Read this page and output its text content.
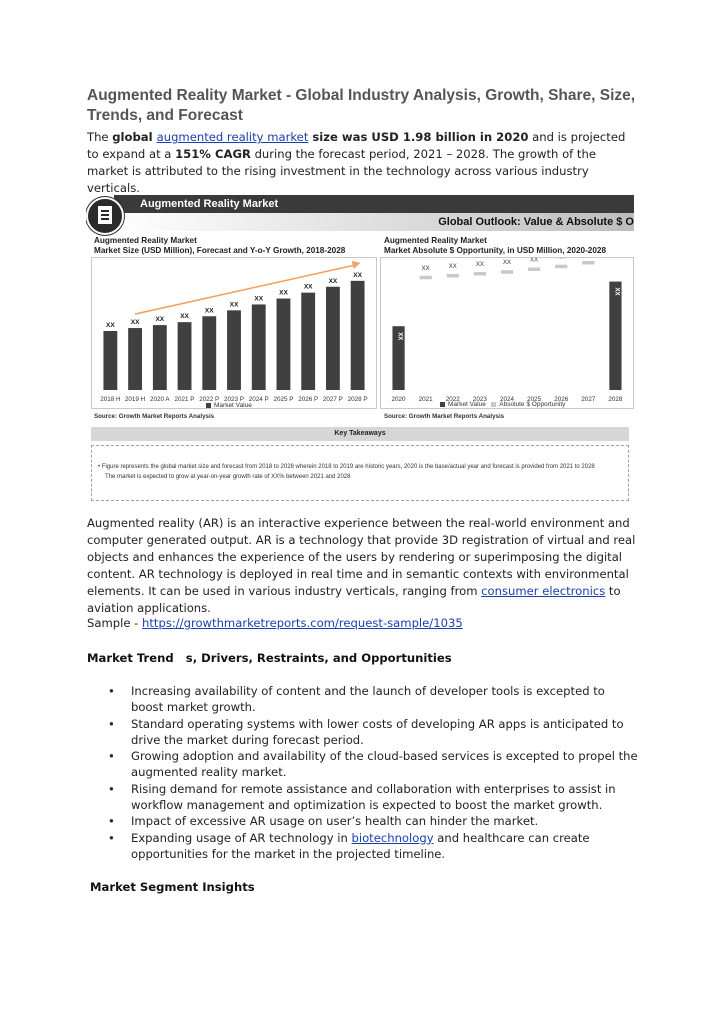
Augmented Reality Market - Global Industry Analysis, Growth, Share, Size, Trends, and Forecast

The global augmented reality market size was USD 1.98 billion in 2020 and is projected to expand at a 151% CAGR during the forecast period, 2021 – 2028. The growth of the market is attributed to the rising investment in the technology across various industry verticals.

Augmented Reality Market
Global Outlook: Value & Absolute $ O
Augmented Reality Market
Market Size (USD Million), Forecast and Y-o-Y Growth, 2018-2028
XX
2018 H
XX
2019 H
XX
2020 A
XX
2021 P
XX
2022 P
XX
2023 P
XX
2024 P
XX
2025 P
XX
2026 P
XX
2027 P
XX
2028 P
Market Value
Source: Growth Market Reports Analysis
Augmented Reality Market
Market Absolute $ Opportunity, in USD Million, 2020-2028
XX
2020
XX
2021
XX
2022
XX
2023
XX
2024
XX
2025 2026 2027
XX
2028
Market Value Absolute $ Opportunity
Source: Growth Market Reports Analysis
Key Takeaways
• Figure represents the global market size and forecast from 2018 to 2028 wherein 2018 to 2019 are historic years, 2020 is the base/actual year and forecast is provided from 2021 to 2028
The market is expected to grow at year-on-year growth rate of XX% between 2021 and 2028

Augmented reality (AR) is an interactive experience between the real-world environment and computer generated output. AR is a technology that provide 3D registration of virtual and real objects and enhances the experience of the users by rendering or superimposing the digital content. AR technology is deployed in real time and in semantic contexts with environmental elements. It can be used in various industry verticals, ranging from consumer electronics to aviation applications.

Sample - https://growthmarketreports.com/request-sample/1035

Market Trend   s, Drivers, Restraints, and Opportunities

• Increasing availability of content and the launch of developer tools is excepted to boost market growth.
• Standard operating systems with lower costs of developing AR apps is anticipated to drive the market during forecast period.
• Growing adoption and availability of the cloud-based services is excepted to propel the augmented reality market.
• Rising demand for remote assistance and collaboration with enterprises to assist in workflow management and optimization is expected to boost the market growth.
• Impact of excessive AR usage on user’s health can hinder the market.
• Expanding usage of AR technology in biotechnology and healthcare can create opportunities for the market in the projected timeline.

Market Segment Insights
